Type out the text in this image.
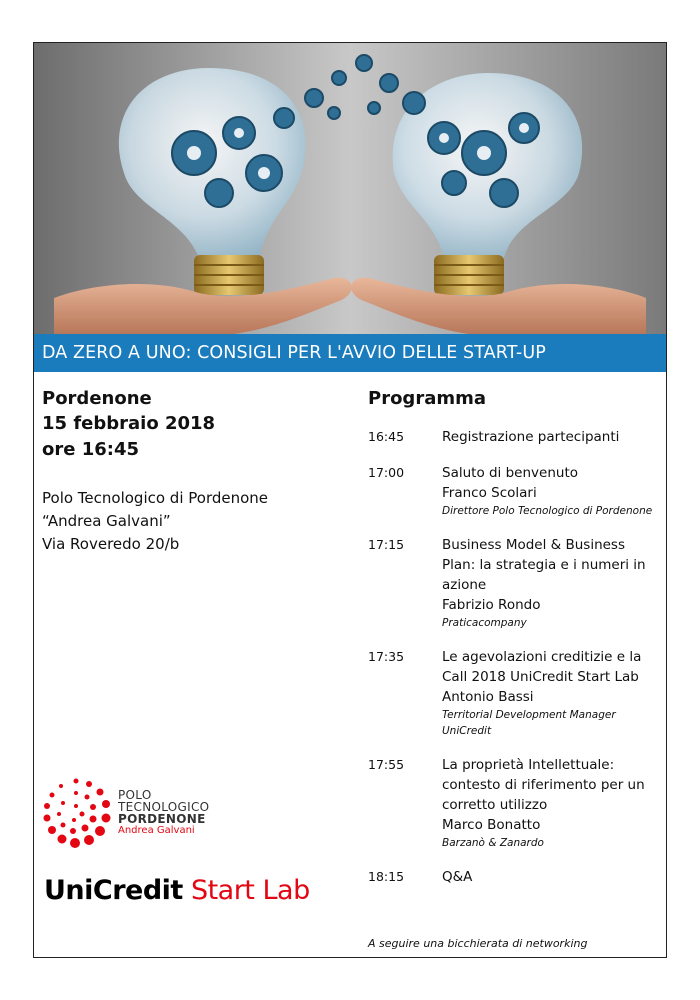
DA ZERO A UNO: CONSIGLI PER L'AVVIO DELLE START-UP
Pordenone
15 febbraio 2018
ore 16:45
Polo Tecnologico di Pordenone
“Andrea Galvani”
Via Roveredo 20/b
Programma
16:45	Registrazione partecipanti
17:00	Saluto di benvenuto
Franco Scolari
Direttore Polo Tecnologico di Pordenone
17:15	Business Model & Business Plan: la strategia e i numeri in azione
Fabrizio Rondo
Praticacompany
17:35	Le agevolazioni creditizie e la Call 2018 UniCredit Start Lab
Antonio Bassi
Territorial Development Manager UniCredit
17:55	La proprietà Intellettuale: contesto di riferimento per un corretto utilizzo
Marco Bonatto
Barzanò & Zanardo
18:15	Q&A
A seguire una bicchierata di networking
POLO
TECNOLOGICO
PORDENONE
Andrea Galvani
UniCredit Start Lab
